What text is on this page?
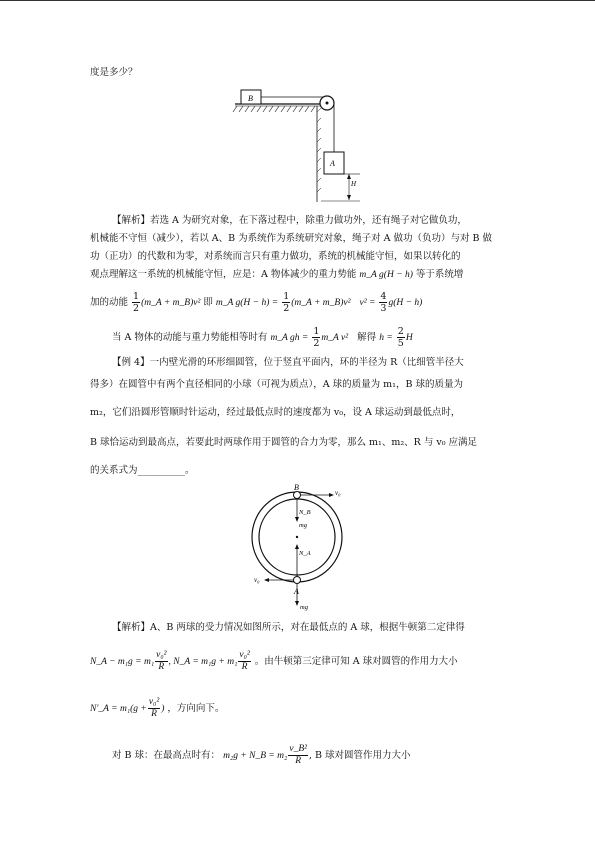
度是多少？
B
A
H
【解析】若选 A 为研究对象，在下落过程中，除重力做功外，还有绳子对它做负功，
机械能不守恒（减少），若以 A、B 为系统作为系统研究对象，绳子对 A 做功（负功）与对 B 做
功（正功）的代数和为零，对系统而言只有重力做功，系统的机械能守恒，如果以转化的
观点理解这一系统的机械能守恒，应是：A 物体减少的重力势能 m_A g(H − h) 等于系统增
加的动能 $\frac{1}{2}$ (m_A + m_B)v² 即 m_A $g(H - h) = \frac{1}{2}$ (m_A + m_B)v² $v^2 = \frac{4}{3} g(H - h)$
当 A 物体的动能与重力势能相等时有 m_A gh = $\frac{1}{2}$ m_A v² 解得 $h = \frac{2}{5}$ H
【例 4】一内壁光滑的环形细圆管，位于竖直平面内，环的半径为 R（比细管半径大
得多）在圆管中有两个直径相同的小球（可视为质点），A 球的质量为 m₁，B 球的质量为
m₂，它们沿圆形管顺时针运动，经过最低点时的速度都为 v₀，设 A 球运动到最低点时，
B 球恰运动到最高点，若要此时两球作用于圆管的合力为零，那么 m₁、m₂、R 与 v₀ 应满足
的关系式为__________。
B
v₀
N_B
mg
N_A
v₀
A
mg
【解析】A、B 两球的受力情况如图所示，对在最低点的 A 球，根据牛顿第二定律得
N_A − $m_1g = m_1 \frac{\text{v₀²}}{R}$ , N_A = $m_1g + m_1 \frac{\text{v₀²}}{R}$ 。由牛顿第三定律可知 A 球对圆管的作用力大小
N′_A = $m_1(g + \frac{\text{v₀²}}{R}$ ) ，方向向下。
对 B 球：在最高点时有： m₂g + N_B = $m_2 \frac{\text{v\_B²}}{R}$ , B 球对圆管作用力大小
